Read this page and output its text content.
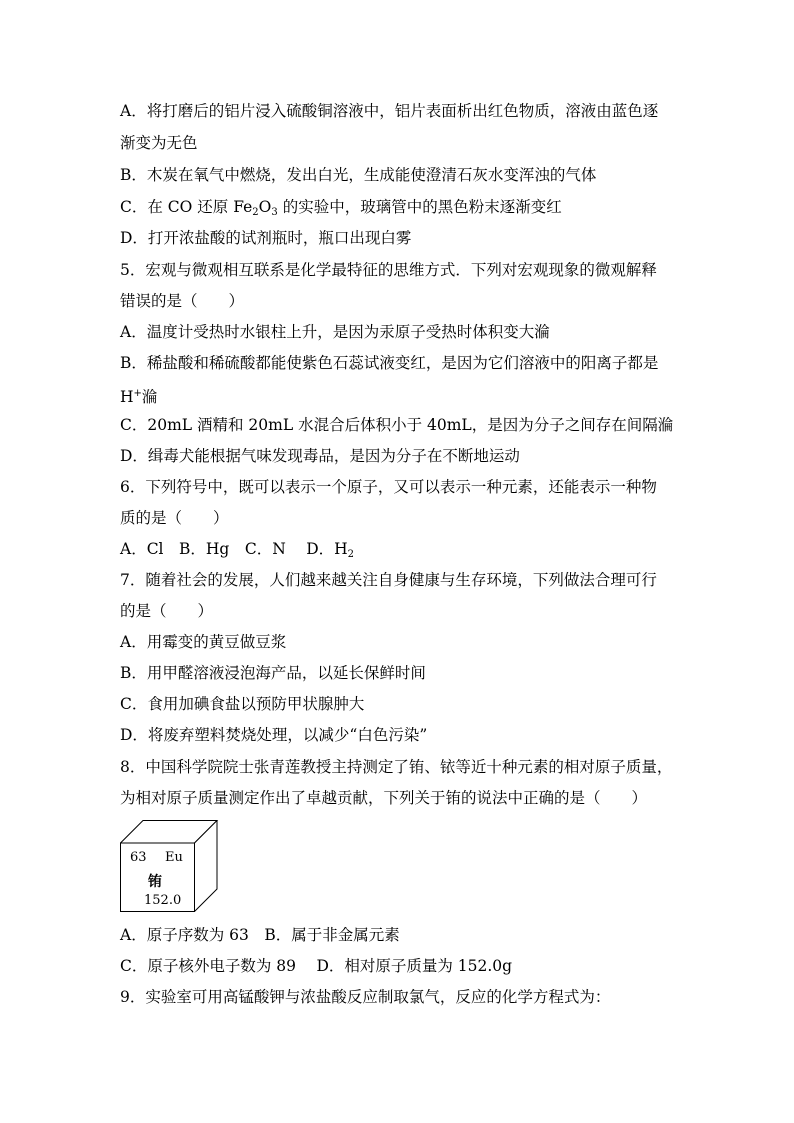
A．将打磨后的铝片浸入硫酸铜溶液中，铝片表面析出红色物质，溶液由蓝色逐
渐变为无色
B．木炭在氧气中燃烧，发出白光，生成能使澄清石灰水变浑浊的气体
C．在 CO 还原 $Fe_2O_3$ 的实验中，玻璃管中的黑色粉末逐渐变红
D．打开浓盐酸的试剂瓶时，瓶口出现白雾
5．宏观与微观相互联系是化学最特征的思维方式．下列对宏观现象的微观解释
错误的是（　　）
A．温度计受热时水银柱上升，是因为汞原子受热时体积变大溣
B．稀盐酸和稀硫酸都能使紫色石蕊试液变红，是因为它们溶液中的阳离子都是
H+溣
C．20mL 酒精和 20mL 水混合后体积小于 40mL，是因为分子之间存在间隔溣
D．缉毒犬能根据气味发现毒品，是因为分子在不断地运动
6．下列符号中，既可以表示一个原子，又可以表示一种元素，还能表示一种物
质的是（　　）
A．Cl　B．Hg　C．N　 D．$H_2$
7．随着社会的发展，人们越来越关注自身健康与生存环境，下列做法合理可行
的是（　　）
A．用霉变的黄豆做豆浆
B．用甲醛溶液浸泡海产品，以延长保鲜时间
C．食用加碘食盐以预防甲状腺肿大
D．将废弃塑料焚烧处理，以减少“白色污染”
8．中国科学院院士张青莲教授主持测定了铕、铱等近十种元素的相对原子质量，
为相对原子质量测定作出了卓越贡献，下列关于铕的说法中正确的是（　　）
63 Eu
铕
152.0
A．原子序数为 63　B．属于非金属元素
C．原子核外电子数为 89　 D．相对原子质量为 152.0g
9．实验室可用高锰酸钾与浓盐酸反应制取氯气，反应的化学方程式为：
